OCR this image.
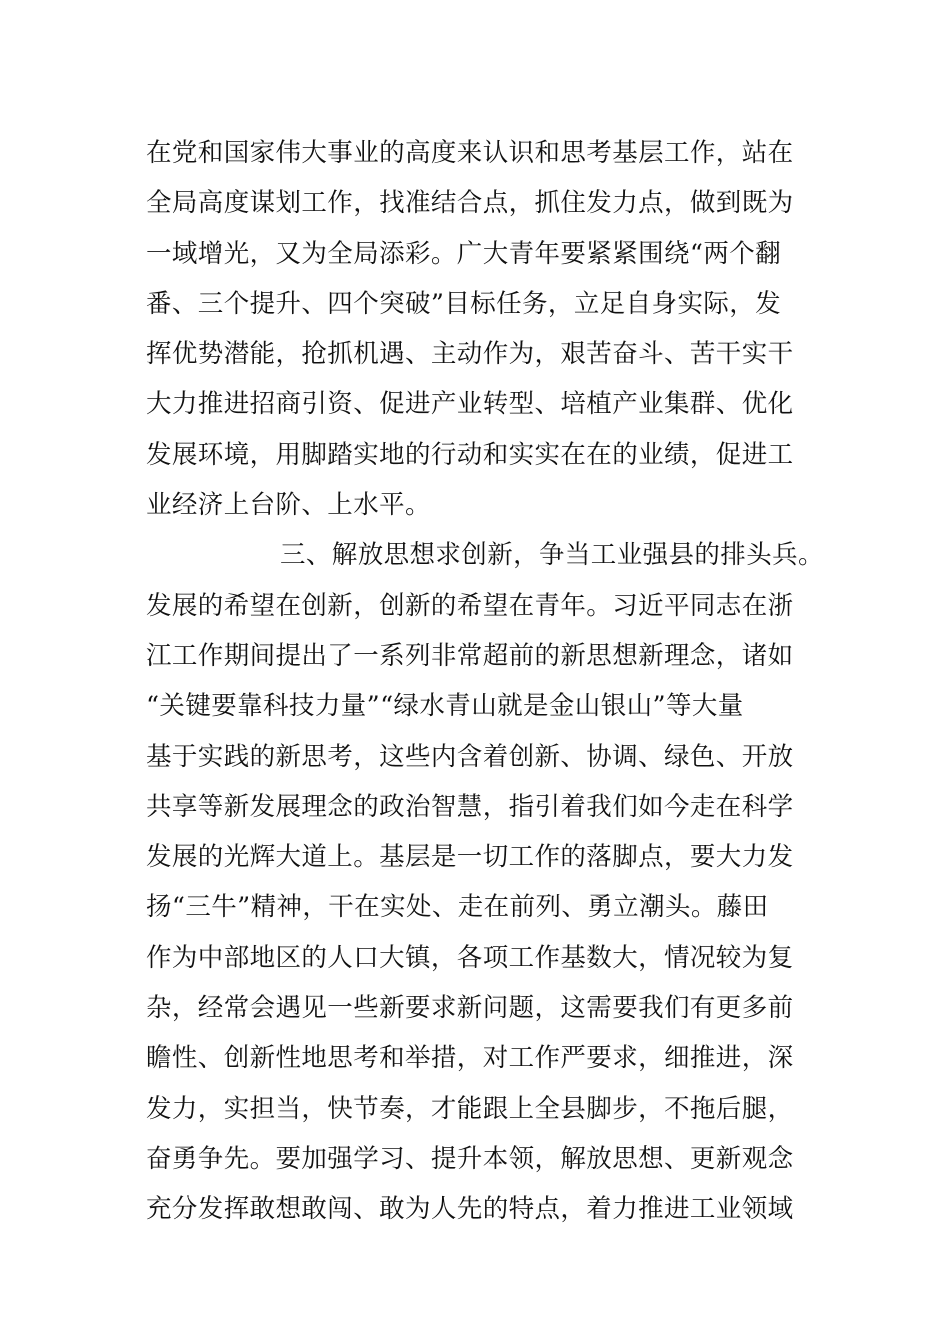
在党和国家伟大事业的高度来认识和思考基层工作，站在
全局高度谋划工作，找准结合点，抓住发力点，做到既为
一域增光，又为全局添彩。广大青年要紧紧围绕“两个翻
番、三个提升、四个突破”目标任务，立足自身实际，发
挥优势潜能，抢抓机遇、主动作为，艰苦奋斗、苦干实干
大力推进招商引资、促进产业转型、培植产业集群、优化
发展环境，用脚踏实地的行动和实实在在的业绩，促进工
业经济上台阶、上水平。
三、解放思想求创新，争当工业强县的排头兵。
发展的希望在创新，创新的希望在青年。习近平同志在浙
江工作期间提出了一系列非常超前的新思想新理念，诸如
“关键要靠科技力量”“绿水青山就是金山银山”等大量
基于实践的新思考，这些内含着创新、协调、绿色、开放
共享等新发展理念的政治智慧，指引着我们如今走在科学
发展的光辉大道上。基层是一切工作的落脚点，要大力发
扬“三牛”精神，干在实处、走在前列、勇立潮头。藤田
作为中部地区的人口大镇，各项工作基数大，情况较为复
杂，经常会遇见一些新要求新问题，这需要我们有更多前
瞻性、创新性地思考和举措，对工作严要求，细推进，深
发力，实担当，快节奏，才能跟上全县脚步，不拖后腿，
奋勇争先。要加强学习、提升本领，解放思想、更新观念
充分发挥敢想敢闯、敢为人先的特点，着力推进工业领域
